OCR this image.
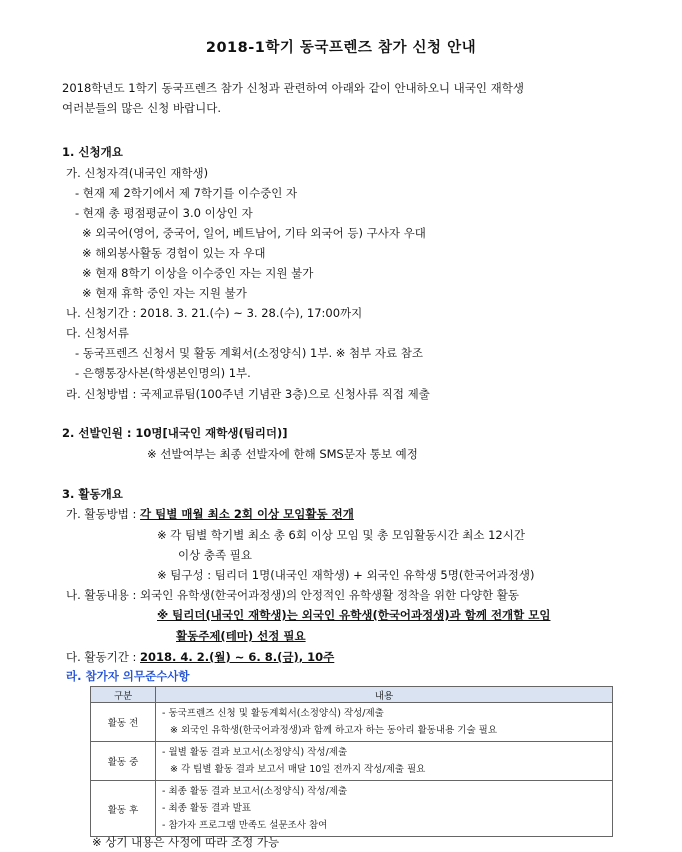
2018-1학기 동국프렌즈 참가 신청 안내
2018학년도 1학기 동국프렌즈 참가 신청과 관련하여 아래와 같이 안내하오니 내국인 재학생
여러분들의 많은 신청 바랍니다.
1. 신청개요
가. 신청자격(내국인 재학생)
- 현재 제 2학기에서 제 7학기를 이수중인 자
- 현재 총 평점평균이 3.0 이상인 자
※ 외국어(영어, 중국어, 일어, 베트남어, 기타 외국어 등) 구사자 우대
※ 해외봉사활동 경험이 있는 자 우대
※ 현재 8학기 이상을 이수중인 자는 지원 불가
※ 현재 휴학 중인 자는 지원 불가
나. 신청기간 : 2018. 3. 21.(수) ~ 3. 28.(수), 17:00까지
다. 신청서류
- 동국프렌즈 신청서 및 활동 계획서(소정양식) 1부. ※ 첨부 자료 참조
- 은행통장사본(학생본인명의) 1부.
라. 신청방법 : 국제교류팀(100주년 기념관 3층)으로 신청사류 직접 제출
2. 선발인원 : 10명[내국인 재학생(팀리더)]
※ 선발여부는 최종 선발자에 한해 SMS문자 통보 예정
3. 활동개요
가. 활동방법 : 각 팀별 매월 최소 2회 이상 모임활동 전개
※ 각 팀별 학기별 최소 총 6회 이상 모임 및 총 모임활동시간 최소 12시간
이상 충족 필요
※ 팀구성 : 팀리더 1명(내국인 재학생) + 외국인 유학생 5명(한국어과정생)
나. 활동내용 : 외국인 유학생(한국어과정생)의 안정적인 유학생활 정착을 위한 다양한 활동
※ 팀리더(내국인 재학생)는 외국인 유학생(한국어과정생)과 함께 전개할 모임
활동주제(테마) 선정 필요
다. 활동기간 : 2018. 4. 2.(월) ~ 6. 8.(금), 10주
라. 참가자 의무준수사항
구분	내용
활동 전	- 동국프렌즈 신청 및 활동계획서(소정양식) 작성/제출
※ 외국인 유학생(한국어과정생)과 함께 하고자 하는 동아리 활동내용 기술 필요

활동 중	- 월별 활동 결과 보고서(소정양식) 작성/제출
※ 각 팀별 활동 결과 보고서 매달 10일 전까지 작성/제출 필요

활동 후	- 최종 활동 결과 보고서(소정양식) 작성/제출
- 최종 활동 결과 발표
- 참가자 프로그램 만족도 설문조사 참여
※ 상기 내용은 사정에 따라 조정 가능
